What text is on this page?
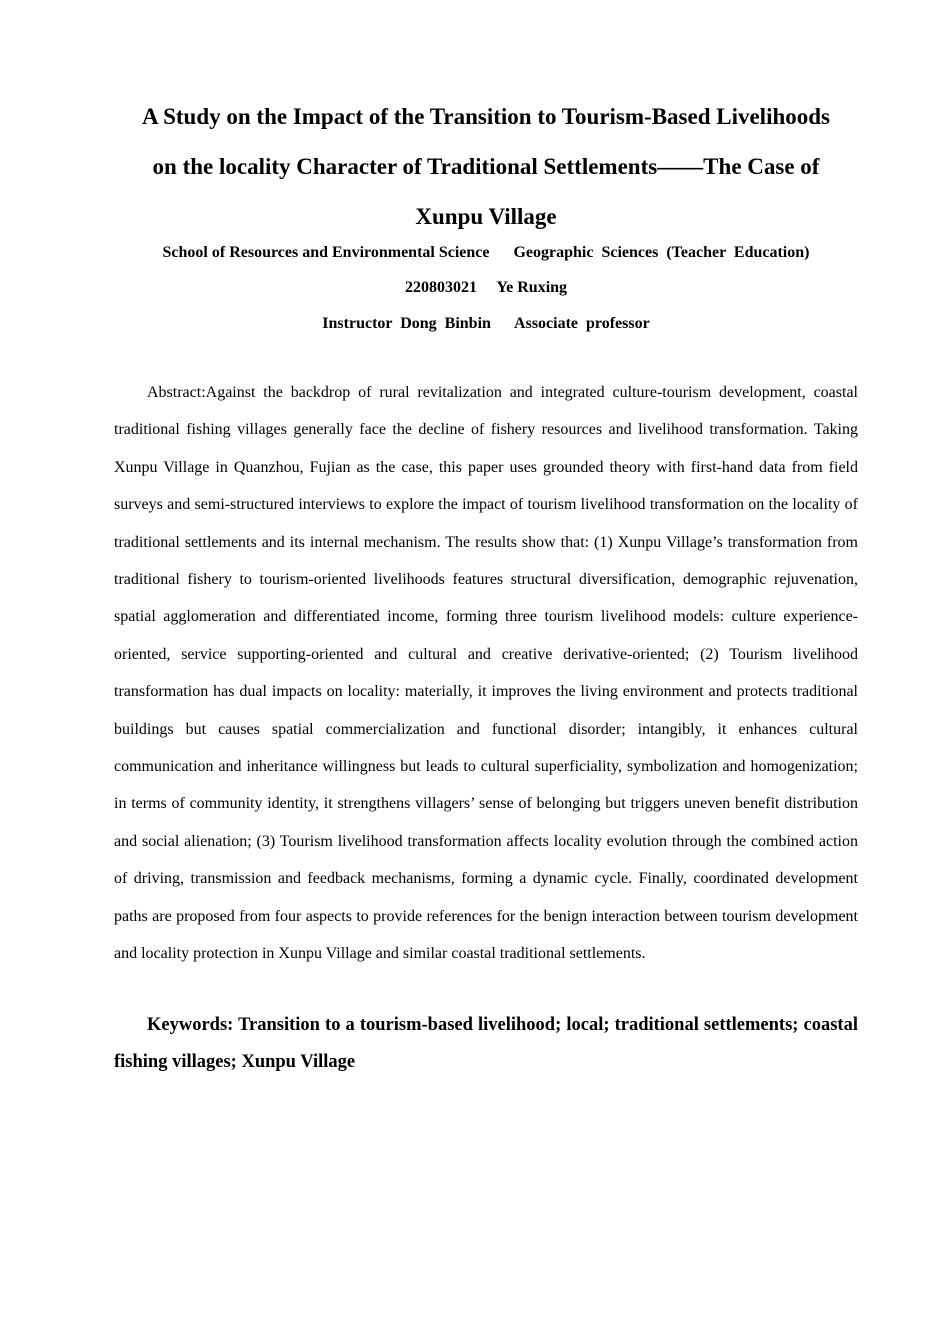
A Study on the Impact of the Transition to Tourism-Based Livelihoods
on the locality Character of Traditional Settlements——The Case of
Xunpu Village

School of Resources and Environmental Science      Geographic  Sciences  (Teacher  Education)

220803021     Ye Ruxing

Instructor  Dong  Binbin      Associate  professor

Abstract:Against the backdrop of rural revitalization and integrated culture-tourism development, coastal traditional fishing villages generally face the decline of fishery resources and livelihood transformation. Taking Xunpu Village in Quanzhou, Fujian as the case, this paper uses grounded theory with first-hand data from field surveys and semi-structured interviews to explore the impact of tourism livelihood transformation on the locality of traditional settlements and its internal mechanism. The results show that: (1) Xunpu Village’s transformation from traditional fishery to tourism-oriented livelihoods features structural diversification, demographic rejuvenation, spatial agglomeration and differentiated income, forming three tourism livelihood models: culture experience-oriented, service supporting-oriented and cultural and creative derivative-oriented; (2) Tourism livelihood transformation has dual impacts on locality: materially, it improves the living environment and protects traditional buildings but causes spatial commercialization and functional disorder; intangibly, it enhances cultural communication and inheritance willingness but leads to cultural superficiality, symbolization and homogenization; in terms of community identity, it strengthens villagers’ sense of belonging but triggers uneven benefit distribution and social alienation; (3) Tourism livelihood transformation affects locality evolution through the combined action of driving, transmission and feedback mechanisms, forming a dynamic cycle. Finally, coordinated development paths are proposed from four aspects to provide references for the benign interaction between tourism development and locality protection in Xunpu Village and similar coastal traditional settlements.

Keywords: Transition to a tourism-based livelihood; local; traditional settlements; coastal fishing villages; Xunpu Village
